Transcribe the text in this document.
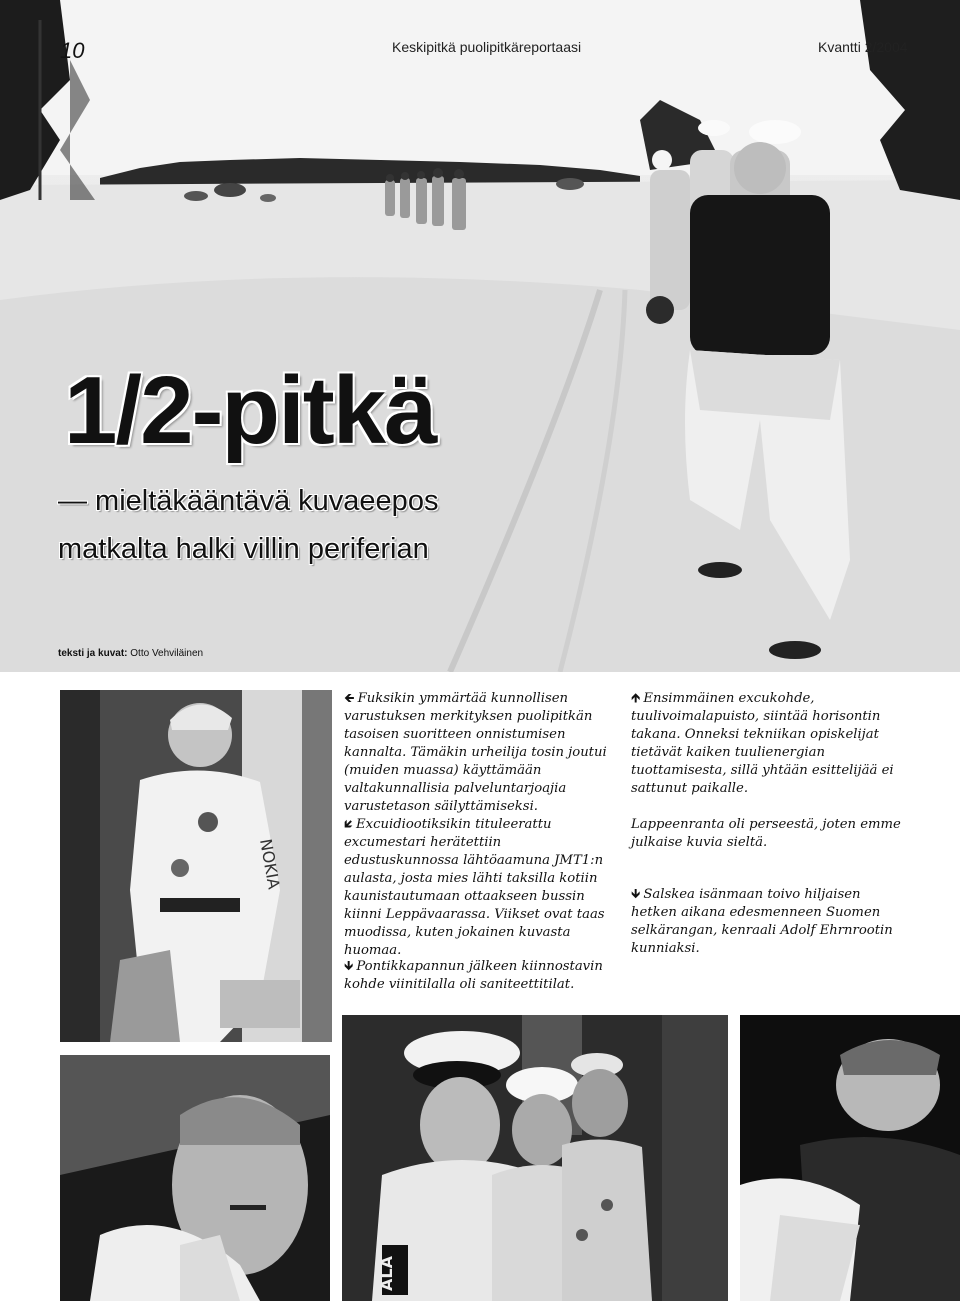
10	Keskipitkä puolipitkäreportaasi	Kvantti 2/2004
1/2-pitkä
— mieltäkääntävä kuvaeepos
matkalta halki villin periferian
teksti ja kuvat: Otto Vehviläinen
NOKIA
ALA

🡸 Fuksikin ymmärtää kunnollisen varustuksen merkityksen puolipitkän tasoisen suoritteen onnistumisen kannalta. Tämäkin urheilija tosin joutui (muiden muassa) käyttämään valtakunnallisia palveluntarjoajia varustetason säilyttämiseksi.

🡿 Excuidiootiksikin tituleerattu excumestari herätettiin edustuskunnossa lähtöaamuna JMT1:n aulasta, josta mies lähti taksilla kotiin kaunistautumaan ottaakseen bussin kiinni Leppävaarassa. Viikset ovat taas muodissa, kuten jokainen kuvasta huomaa.

🡻 Pontikkapannun jälkeen kiinnostavin kohde viinitilalla oli saniteettitilat.

🡹 Ensimmäinen excukohde, tuulivoimalapuisto, siintää horisontin takana. Onneksi tekniikan opiskelijat tietävät kaiken tuulienergian tuottamisesta, sillä yhtään esittelijää ei sattunut paikalle.

Lappeenranta oli perseestä, joten emme julkaise kuvia sieltä.

🡻 Salskea isänmaan toivo hiljaisen hetken aikana edesmenneen Suomen selkärangan, kenraali Adolf Ehrnrootin kunniaksi.
